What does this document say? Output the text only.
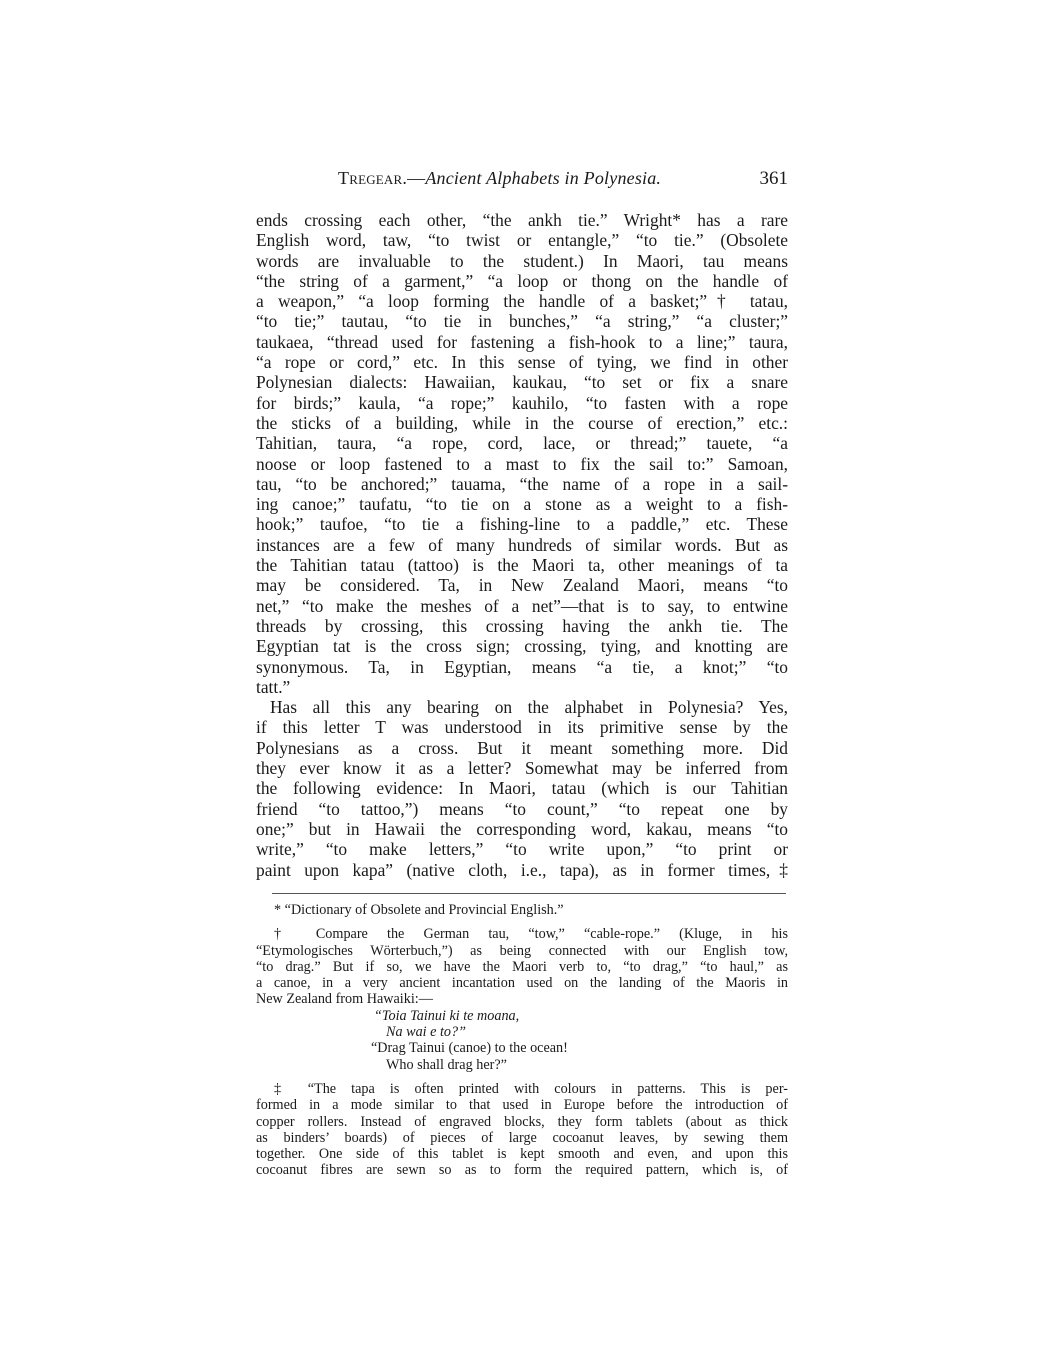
Tregear.—Ancient Alphabets in Polynesia.	361
ends crossing each other, “the ankh tie.” Wright* has a rare
English word, taw, “to twist or entangle,” “to tie.” (Obsolete
words are invaluable to the student.) In Maori, tau means
“the string of a garment,” “a loop or thong on the handle of
a weapon,” “a loop forming the handle of a basket;”† tatau,
“to tie;” tautau, “to tie in bunches,” “a string,” “a cluster;”
taukaea, “thread used for fastening a fish-hook to a line;” taura,
“a rope or cord,” etc. In this sense of tying, we find in other
Polynesian dialects: Hawaiian, kaukau, “to set or fix a snare
for birds;” kaula, “a rope;” kauhilo, “to fasten with a rope
the sticks of a building, while in the course of erection,” etc.:
Tahitian, taura, “a rope, cord, lace, or thread;” tauete, “a
noose or loop fastened to a mast to fix the sail to:” Samoan,
tau, “to be anchored;” tauama, “the name of a rope in a sail-
ing canoe;” taufatu, “to tie on a stone as a weight to a fish-
hook;” taufoe, “to tie a fishing-line to a paddle,” etc. These
instances are a few of many hundreds of similar words. But as
the Tahitian tatau (tattoo) is the Maori ta, other meanings of ta
may be considered. Ta, in New Zealand Maori, means “to
net,” “to make the meshes of a net”—that is to say, to entwine
threads by crossing, this crossing having the ankh tie. The
Egyptian tat is the cross sign; crossing, tying, and knotting are
synonymous. Ta, in Egyptian, means “a tie, a knot;” “to
tatt.”
Has all this any bearing on the alphabet in Polynesia? Yes,
if this letter T was understood in its primitive sense by the
Polynesians as a cross. But it meant something more. Did
they ever know it as a letter? Somewhat may be inferred from
the following evidence: In Maori, tatau (which is our Tahitian
friend “to tattoo,”) means “to count,” “to repeat one by
one;” but in Hawaii the corresponding word, kakau, means “to
write,” “to make letters,” “to write upon,” “to print or
paint upon kapa” (native cloth, i.e., tapa), as in former times,‡
* “Dictionary of Obsolete and Provincial English.”
† Compare the German tau, “tow,” “cable-rope.” (Kluge, in his
“Etymologisches Wörterbuch,”) as being connected with our English tow,
“to drag.” But if so, we have the Maori verb to, “to drag,” “to haul,” as
a canoe, in a very ancient incantation used on the landing of the Maoris in
New Zealand from Hawaiki:—
“Toia Tainui ki te moana,
Na wai e to?”
“Drag Tainui (canoe) to the ocean!
Who shall drag her?”
‡ “The tapa is often printed with colours in patterns. This is per-
formed in a mode similar to that used in Europe before the introduction of
copper rollers. Instead of engraved blocks, they form tablets (about as thick
as binders’ boards) of pieces of large cocoanut leaves, by sewing them
together. One side of this tablet is kept smooth and even, and upon this
cocoanut fibres are sewn so as to form the required pattern, which is, of
